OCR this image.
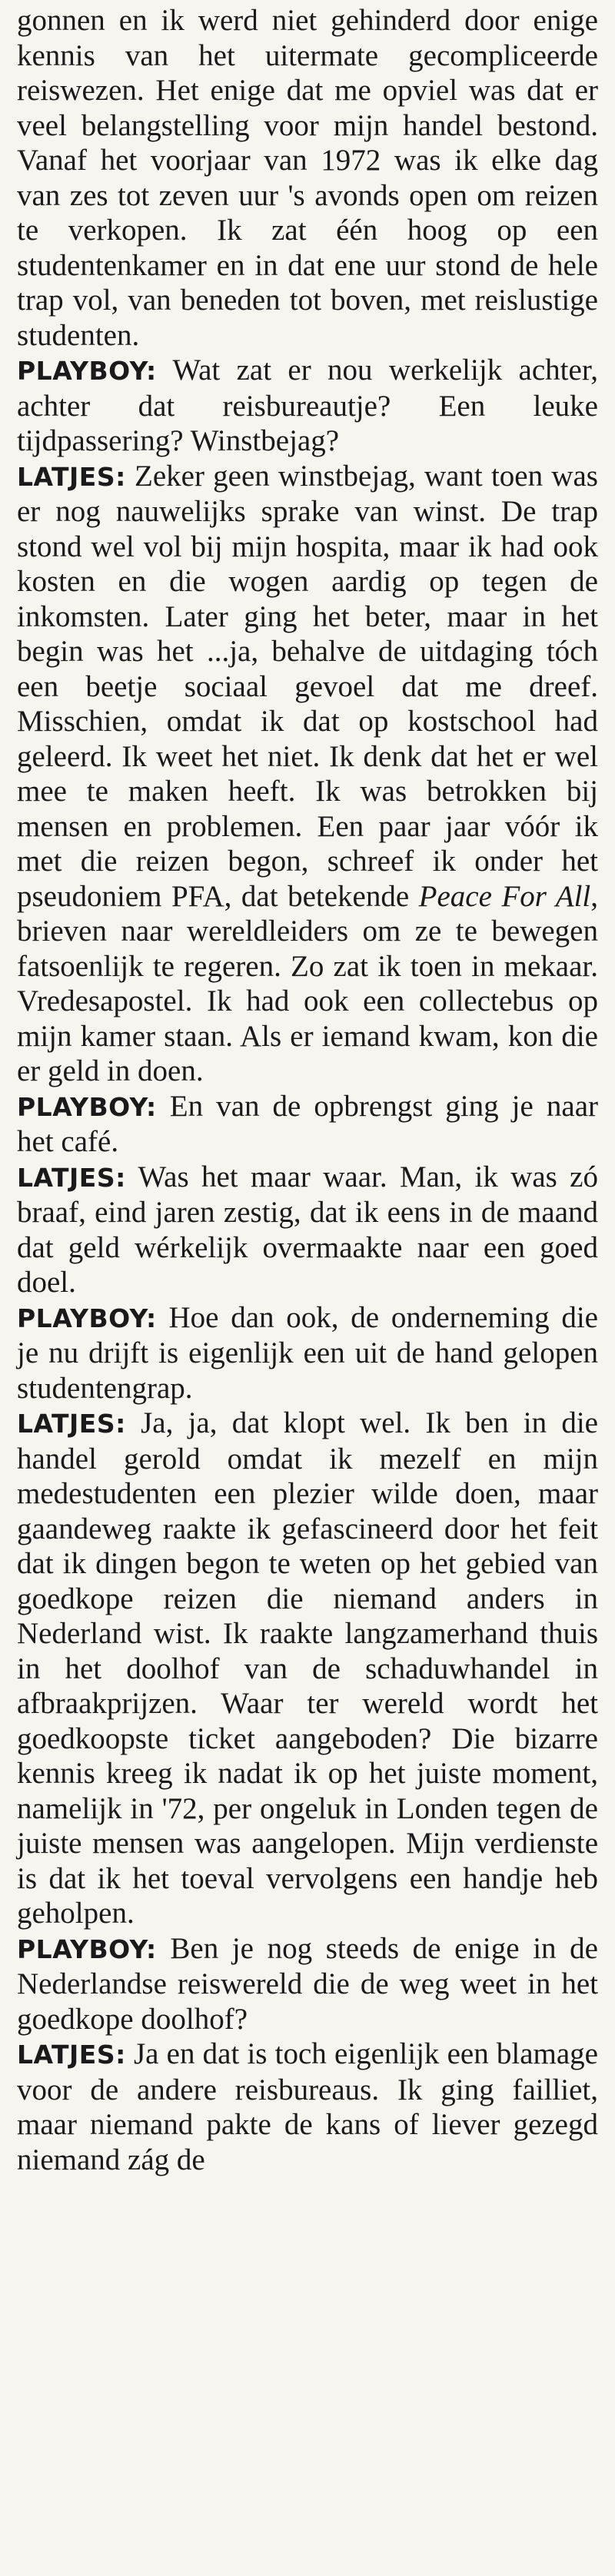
gonnen en ik werd niet gehinderd door enige kennis van het uitermate gecompliceerde reiswezen. Het enige dat me opviel was dat er veel belangstelling voor mijn handel bestond. Vanaf het voorjaar van 1972 was ik elke dag van zes tot zeven uur 's avonds open om reizen te verkopen. Ik zat één hoog op een studentenkamer en in dat ene uur stond de hele trap vol, van beneden tot boven, met reislustige studenten.

PLAYBOY: Wat zat er nou werkelijk achter, achter dat reisbureautje? Een leuke tijdpassering? Winstbejag?

LATJES: Zeker geen winstbejag, want toen was er nog nauwelijks sprake van winst. De trap stond wel vol bij mijn hospita, maar ik had ook kosten en die wogen aardig op tegen de inkomsten. Later ging het beter, maar in het begin was het ...ja, behalve de uitdaging tóch een beetje sociaal gevoel dat me dreef. Misschien, omdat ik dat op kostschool had geleerd. Ik weet het niet. Ik denk dat het er wel mee te maken heeft. Ik was betrokken bij mensen en problemen. Een paar jaar vóór ik met die reizen begon, schreef ik onder het pseudoniem PFA, dat betekende Peace For All, brieven naar wereldleiders om ze te bewegen fatsoenlijk te regeren. Zo zat ik toen in mekaar. Vredesapostel. Ik had ook een collectebus op mijn kamer staan. Als er iemand kwam, kon die er geld in doen.

PLAYBOY: En van de opbrengst ging je naar het café.

LATJES: Was het maar waar. Man, ik was zó braaf, eind jaren zestig, dat ik eens in de maand dat geld wérkelijk overmaakte naar een goed doel.

PLAYBOY: Hoe dan ook, de onderneming die je nu drijft is eigenlijk een uit de hand gelopen studentengrap.

LATJES: Ja, ja, dat klopt wel. Ik ben in die handel gerold omdat ik mezelf en mijn medestudenten een plezier wilde doen, maar gaandeweg raakte ik gefascineerd door het feit dat ik dingen begon te weten op het gebied van goedkope reizen die niemand anders in Nederland wist. Ik raakte langzamerhand thuis in het doolhof van de schaduwhandel in afbraakprijzen. Waar ter wereld wordt het goedkoopste ticket aangeboden? Die bizarre kennis kreeg ik nadat ik op het juiste moment, namelijk in '72, per ongeluk in Londen tegen de juiste mensen was aangelopen. Mijn verdienste is dat ik het toeval vervolgens een handje heb geholpen.

PLAYBOY: Ben je nog steeds de enige in de Nederlandse reiswereld die de weg weet in het goedkope doolhof?

LATJES: Ja en dat is toch eigenlijk een blamage voor de andere reisbureaus. Ik ging failliet, maar niemand pakte de kans of liever gezegd niemand zág de
